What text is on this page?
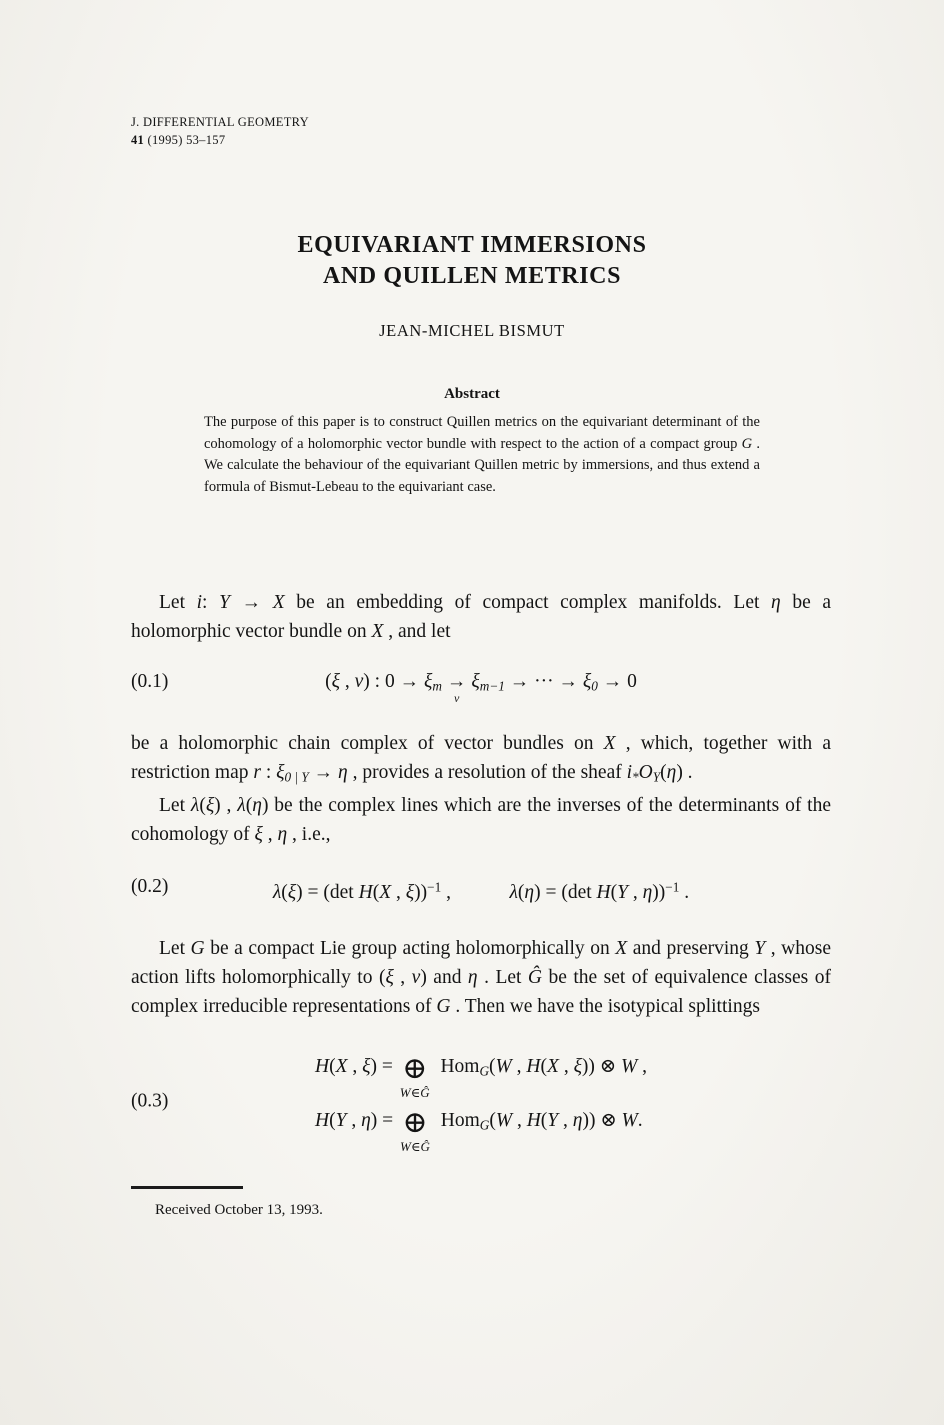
J. DIFFERENTIAL GEOMETRY
41 (1995) 53–157
EQUIVARIANT IMMERSIONS
AND QUILLEN METRICS
JEAN-MICHEL BISMUT
Abstract
The purpose of this paper is to construct Quillen metrics on the equivariant determinant of the cohomology of a holomorphic vector bundle with respect to the action of a compact group G . We calculate the behaviour of the equivariant Quillen metric by immersions, and thus extend a formula of Bismut-Lebeau to the equivariant case.

Let i: Y → X be an embedding of compact complex manifolds. Let η be a holomorphic vector bundle on X , and let

(0.1)	(ξ , v) : 0 → ξm →
v
ξm−1 → ··· → ξ0 → 0

be a holomorphic chain complex of vector bundles on X , which, together with a restriction map r : ξ0 | Y → η , provides a resolution of the sheaf i*OY(η) .

Let λ(ξ) , λ(η) be the complex lines which are the inverses of the determinants of the cohomology of ξ , η , i.e.,

(0.2)	λ(ξ) = (det H(X , ξ))$^{-1}$ ,   	λ(η) = (det H(Y , η))$^{-1}$ .

Let G be a compact Lie group acting holomorphically on X and preserving Y , whose action lifts holomorphically to (ξ , v) and η . Let Ĝ be the set of equivalence classes of complex irreducible representations of G . Then we have the isotypical splittings

(0.3)
H(X , ξ) = ⊕
W∈Ĝ
HomG(W , H(X , ξ)) ⊗ W ,
H(Y , η) = ⊕
W∈Ĝ
HomG(W , H(Y , η)) ⊗ W.
Received October 13, 1993.
